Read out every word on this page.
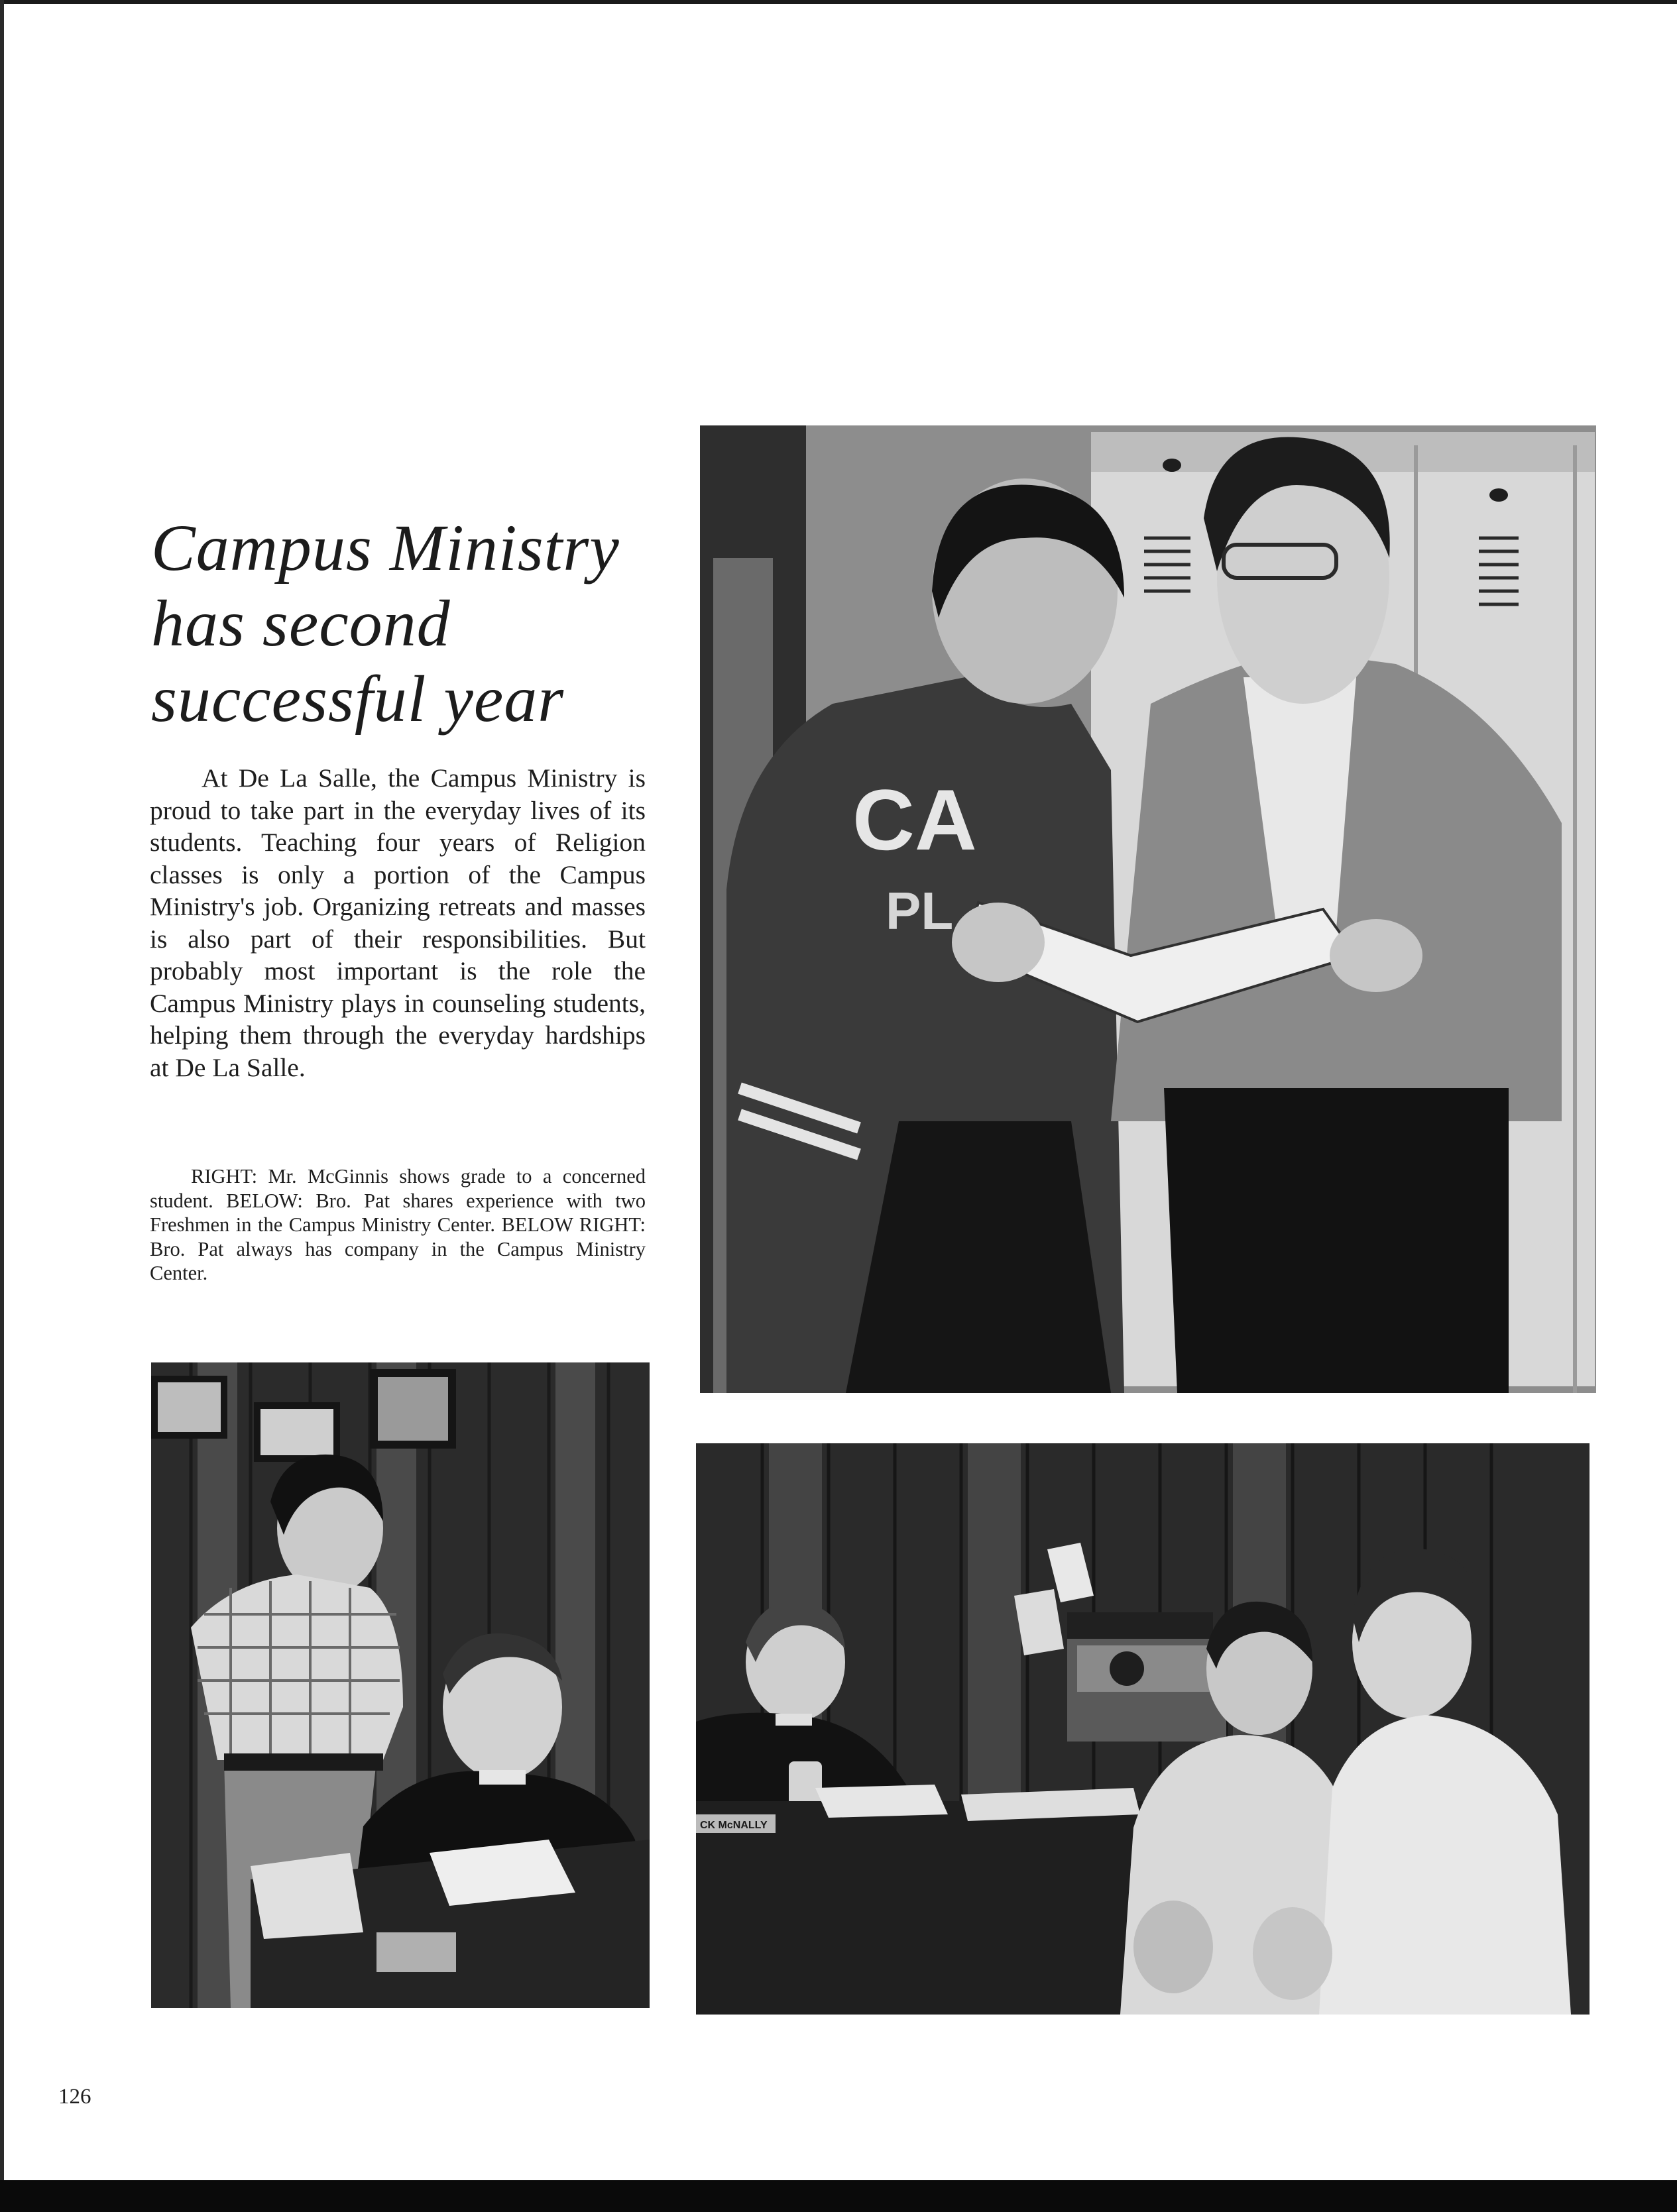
Campus Ministry
has second
successful year

At De La Salle, the Campus Ministry is proud to take part in the everyday lives of its students. Teaching four years of Religion classes is only a portion of the Campus Ministry's job. Organizing retreats and masses is also part of their responsibilities. But probably most important is the role the Campus Ministry plays in counseling students, helping them through the everyday hardships at De La Salle.

RIGHT: Mr. McGinnis shows grade to a concerned student. BELOW: Bro. Pat shares experience with two Freshmen in the Campus Ministry Center. BELOW RIGHT: Bro. Pat always has company in the Campus Ministry Center.

CA
PL
CK McNALLY
126
